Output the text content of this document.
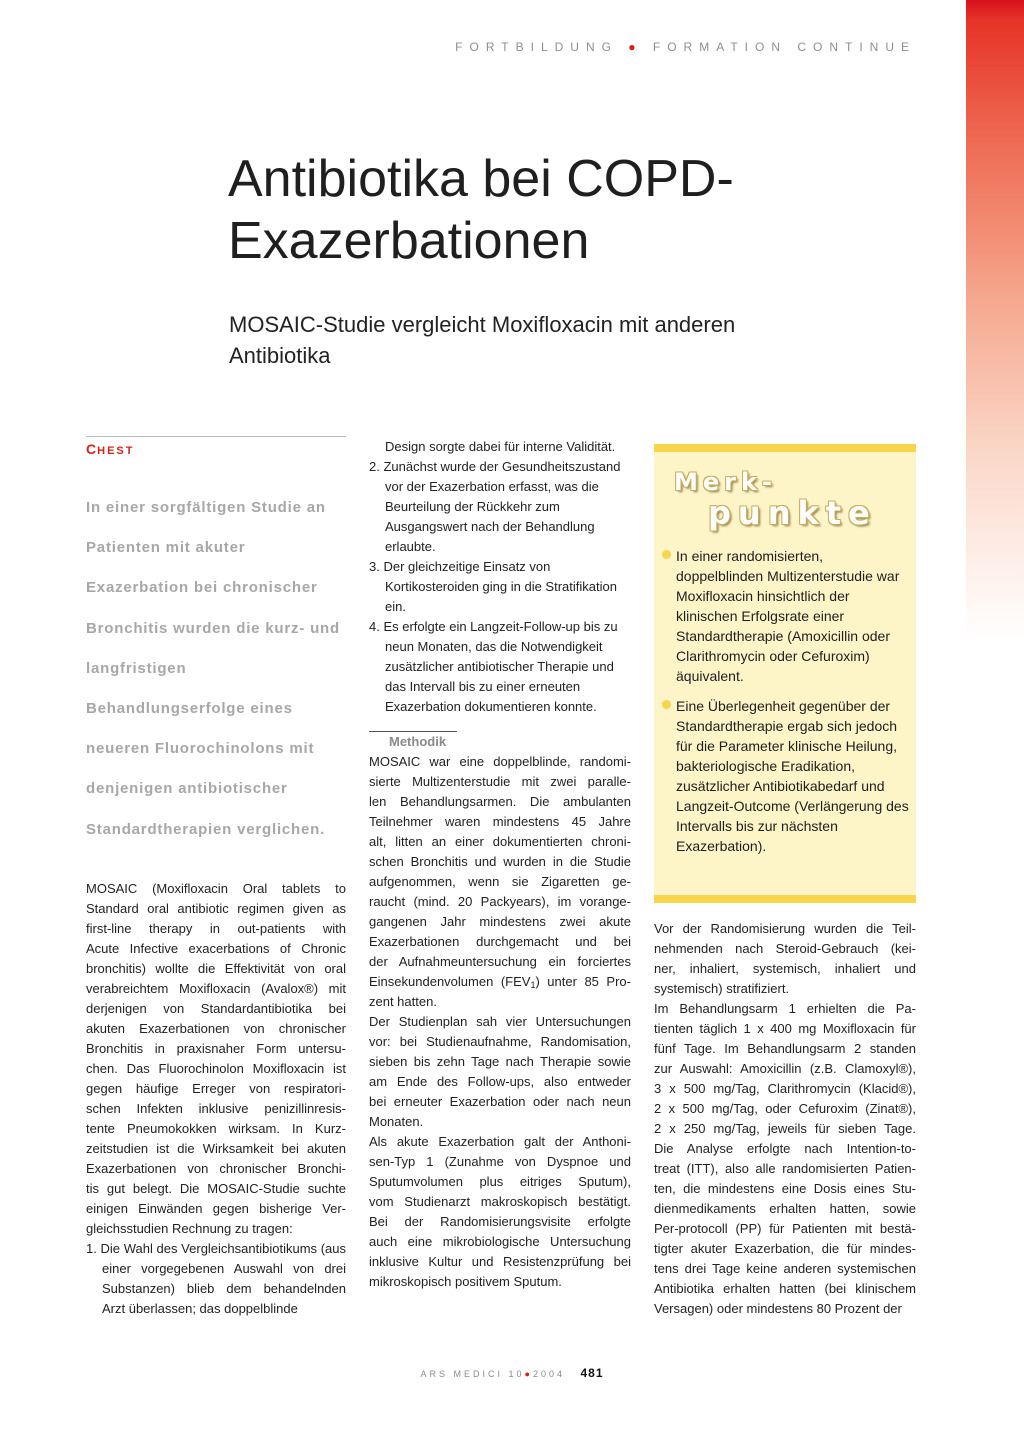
FORTBILDUNG ● FORMATION CONTINUE
Antibiotika bei COPD-
Exazerbationen
MOSAIC-Studie vergleicht Moxifloxacin mit anderen
Antibiotika
CHEST
In einer sorgfältigen Studie an Patienten mit akuter Exazerbation bei chronischer Bronchitis wurden die kurz- und langfristigen Behandlungserfolge eines neueren Fluorochinolons mit denjenigen antibiotischer Standardtherapien verglichen.
MOSAIC (Moxifloxacin Oral tablets to
Standard oral antibiotic regimen given as
first-line therapy in out-patients with
Acute Infective exacerbations of Chronic
bronchitis) wollte die Effektivität von oral
verabreichtem Moxifloxacin (Avalox®) mit
derjenigen von Standardantibiotika bei
akuten Exazerbationen von chronischer
Bronchitis in praxisnaher Form untersu-
chen. Das Fluorochinolon Moxifloxacin ist
gegen häufige Erreger von respiratori-
schen Infekten inklusive penizillinresis-
tente Pneumokokken wirksam. In Kurz-
zeitstudien ist die Wirksamkeit bei akuten
Exazerbationen von chronischer Bronchi-
tis gut belegt. Die MOSAIC-Studie suchte
einigen Einwänden gegen bisherige Ver-
gleichsstudien Rechnung zu tragen:
1. Die Wahl des Vergleichsantibiotikums (aus einer vorgegebenen Auswahl von drei Substanzen) blieb dem behandelnden Arzt überlassen; das doppelblinde
Design sorgte dabei für interne Validität.
2. Zunächst wurde der Gesundheitszustand vor der Exazerbation erfasst, was die Beurteilung der Rückkehr zum Ausgangswert nach der Behandlung erlaubte.
3. Der gleichzeitige Einsatz von Kortikosteroiden ging in die Stratifikation ein.
4. Es erfolgte ein Langzeit-Follow-up bis zu neun Monaten, das die Notwendigkeit zusätzlicher antibiotischer Therapie und das Intervall bis zu einer erneuten Exazerbation dokumentieren konnte.
Methodik
MOSAIC war eine doppelblinde, randomi-
sierte Multizenterstudie mit zwei paralle-
len Behandlungsarmen. Die ambulanten
Teilnehmer waren mindestens 45 Jahre
alt, litten an einer dokumentierten chroni-
schen Bronchitis und wurden in die Studie
aufgenommen, wenn sie Zigaretten ge-
raucht (mind. 20 Packyears), im vorange-
gangenen Jahr mindestens zwei akute
Exazerbationen durchgemacht und bei
der Aufnahmeuntersuchung ein forciertes
Einsekundenvolumen $(FEV_1)$ unter 85 Pro-
zent hatten.
Der Studienplan sah vier Untersuchungen
vor: bei Studienaufnahme, Randomisation,
sieben bis zehn Tage nach Therapie sowie
am Ende des Follow-ups, also entweder
bei erneuter Exazerbation oder nach neun
Monaten.
Als akute Exazerbation galt der Anthoni-
sen-Typ 1 (Zunahme von Dyspnoe und
Sputumvolumen plus eitriges Sputum),
vom Studienarzt makroskopisch bestätigt.
Bei der Randomisierungsvisite erfolgte
auch eine mikrobiologische Untersuchung
inklusive Kultur und Resistenzprüfung bei
mikroskopisch positivem Sputum.
Merk-
punkte
In einer randomisierten, doppelblinden Multizenterstudie war Moxifloxacin hinsichtlich der klinischen Erfolgsrate einer Standardtherapie (Amoxicillin oder Clarithromycin oder Cefuroxim) äquivalent.
Eine Überlegenheit gegenüber der Standardtherapie ergab sich jedoch für die Parameter klinische Heilung, bakteriologische Eradikation, zusätzlicher Antibiotikabedarf und Langzeit-Outcome (Verlängerung des Intervalls bis zur nächsten Exazerbation).
Vor der Randomisierung wurden die Teil-
nehmenden nach Steroid-Gebrauch (kei-
ner, inhaliert, systemisch, inhaliert und
systemisch) stratifiziert.
Im Behandlungsarm 1 erhielten die Pa-
tienten täglich 1 x 400 mg Moxifloxacin für
fünf Tage. Im Behandlungsarm 2 standen
zur Auswahl: Amoxicillin (z.B. Clamoxyl®),
3 x 500 mg/Tag, Clarithromycin (Klacid®),
2 x 500 mg/Tag, oder Cefuroxim (Zinat®),
2 x 250 mg/Tag, jeweils für sieben Tage.
Die Analyse erfolgte nach Intention-to-
treat (ITT), also alle randomisierten Patien-
ten, die mindestens eine Dosis eines Stu-
dienmedikaments erhalten hatten, sowie
Per-protocoll (PP) für Patienten mit bestä-
tigter akuter Exazerbation, die für mindes-
tens drei Tage keine anderen systemischen
Antibiotika erhalten hatten (bei klinischem
Versagen) oder mindestens 80 Prozent der
ARS MEDICI 10●2004 481
